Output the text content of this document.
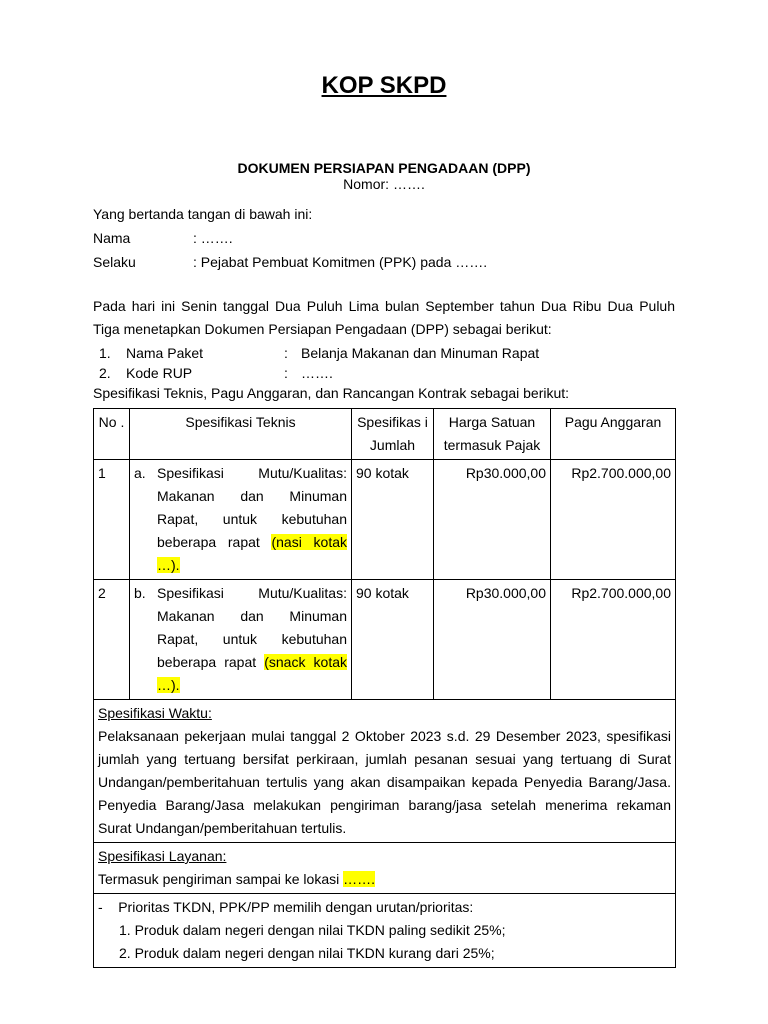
KOP SKPD
DOKUMEN PERSIAPAN PENGADAAN (DPP)
Nomor: …….
Yang bertanda tangan di bawah ini:
Nama	: …….
Selaku	: Pejabat Pembuat Komitmen (PPK) pada …….
Pada hari ini Senin tanggal Dua Puluh Lima bulan September tahun Dua Ribu Dua Puluh Tiga menetapkan Dokumen Persiapan Pengadaan (DPP) sebagai berikut:
1. Nama Paket	: Belanja Makanan dan Minuman Rapat
2. Kode RUP	: …….
Spesifikasi Teknis, Pagu Anggaran, dan Rancangan Kontrak sebagai berikut:
No .	Spesifikasi Teknis	Spesifikas i Jumlah	Harga Satuan termasuk Pajak	Pagu Anggaran
1	a. Spesifikasi Mutu/Kualitas: Makanan dan Minuman Rapat, untuk kebutuhan beberapa rapat (nasi kotak …).	90 kotak	Rp30.000,00	Rp2.700.000,00
2	b. Spesifikasi Mutu/Kualitas: Makanan dan Minuman Rapat, untuk kebutuhan beberapa rapat (snack kotak …).	90 kotak	Rp30.000,00	Rp2.700.000,00

Spesifikasi Waktu:
Pelaksanaan pekerjaan mulai tanggal 2 Oktober 2023 s.d. 29 Desember 2023, spesifikasi jumlah yang tertuang bersifat perkiraan, jumlah pesanan sesuai yang tertuang di Surat Undangan/pemberitahuan tertulis yang akan disampaikan kepada Penyedia Barang/Jasa. Penyedia Barang/Jasa melakukan pengiriman barang/jasa setelah menerima rekaman Surat Undangan/pemberitahuan tertulis.				

Spesifikasi Layanan:
Termasuk pengiriman sampai ke lokasi …….				

-    Prioritas TKDN, PPK/PP memilih dengan urutan/prioritas:
1. Produk dalam negeri dengan nilai TKDN paling sedikit 25%;
2. Produk dalam negeri dengan nilai TKDN kurang dari 25%;				
